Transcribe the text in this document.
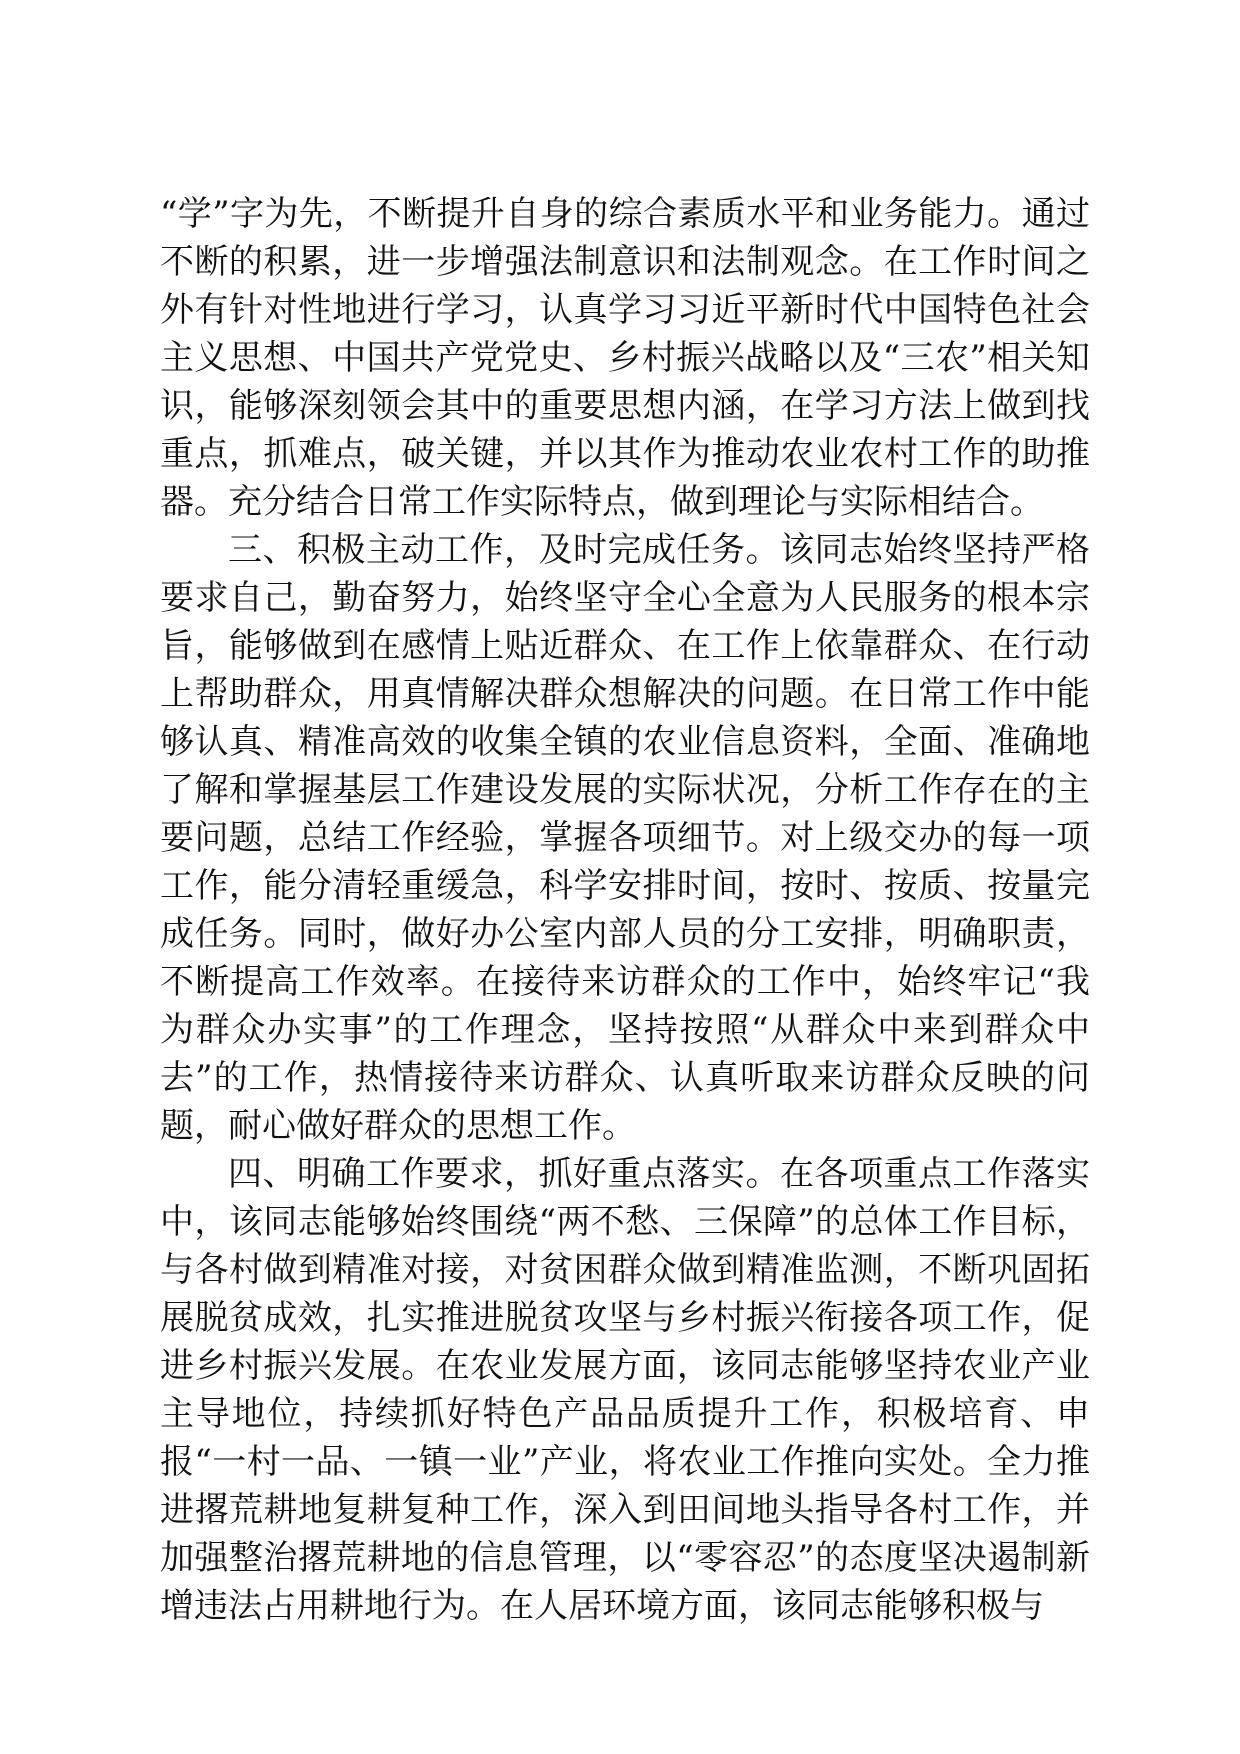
“学”字为先，不断提升自身的综合素质水平和业务能力。通过不断的积累，进一步增强法制意识和法制观念。在工作时间之外有针对性地进行学习，认真学习习近平新时代中国特色社会主义思想、中国共产党党史、乡村振兴战略以及“三农”相关知识，能够深刻领会其中的重要思想内涵，在学习方法上做到找重点，抓难点，破关键，并以其作为推动农业农村工作的助推器。充分结合日常工作实际特点，做到理论与实际相结合。

三、积极主动工作，及时完成任务。该同志始终坚持严格要求自己，勤奋努力，始终坚守全心全意为人民服务的根本宗旨，能够做到在感情上贴近群众、在工作上依靠群众、在行动上帮助群众，用真情解决群众想解决的问题。在日常工作中能够认真、精准高效的收集全镇的农业信息资料，全面、准确地了解和掌握基层工作建设发展的实际状况，分析工作存在的主要问题，总结工作经验，掌握各项细节。对上级交办的每一项工作，能分清轻重缓急，科学安排时间，按时、按质、按量完成任务。同时，做好办公室内部人员的分工安排，明确职责，不断提高工作效率。在接待来访群众的工作中，始终牢记“我为群众办实事”的工作理念，坚持按照“从群众中来到群众中去”的工作，热情接待来访群众、认真听取来访群众反映的问题，耐心做好群众的思想工作。

四、明确工作要求，抓好重点落实。在各项重点工作落实中，该同志能够始终围绕“两不愁、三保障”的总体工作目标，与各村做到精准对接，对贫困群众做到精准监测，不断巩固拓展脱贫成效，扎实推进脱贫攻坚与乡村振兴衔接各项工作，促进乡村振兴发展。在农业发展方面，该同志能够坚持农业产业主导地位，持续抓好特色产品品质提升工作，积极培育、申报“一村一品、一镇一业”产业，将农业工作推向实处。全力推进撂荒耕地复耕复种工作，深入到田间地头指导各村工作，并加强整治撂荒耕地的信息管理，以“零容忍”的态度坚决遏制新增违法占用耕地行为。在人居环境方面，该同志能够积极与
